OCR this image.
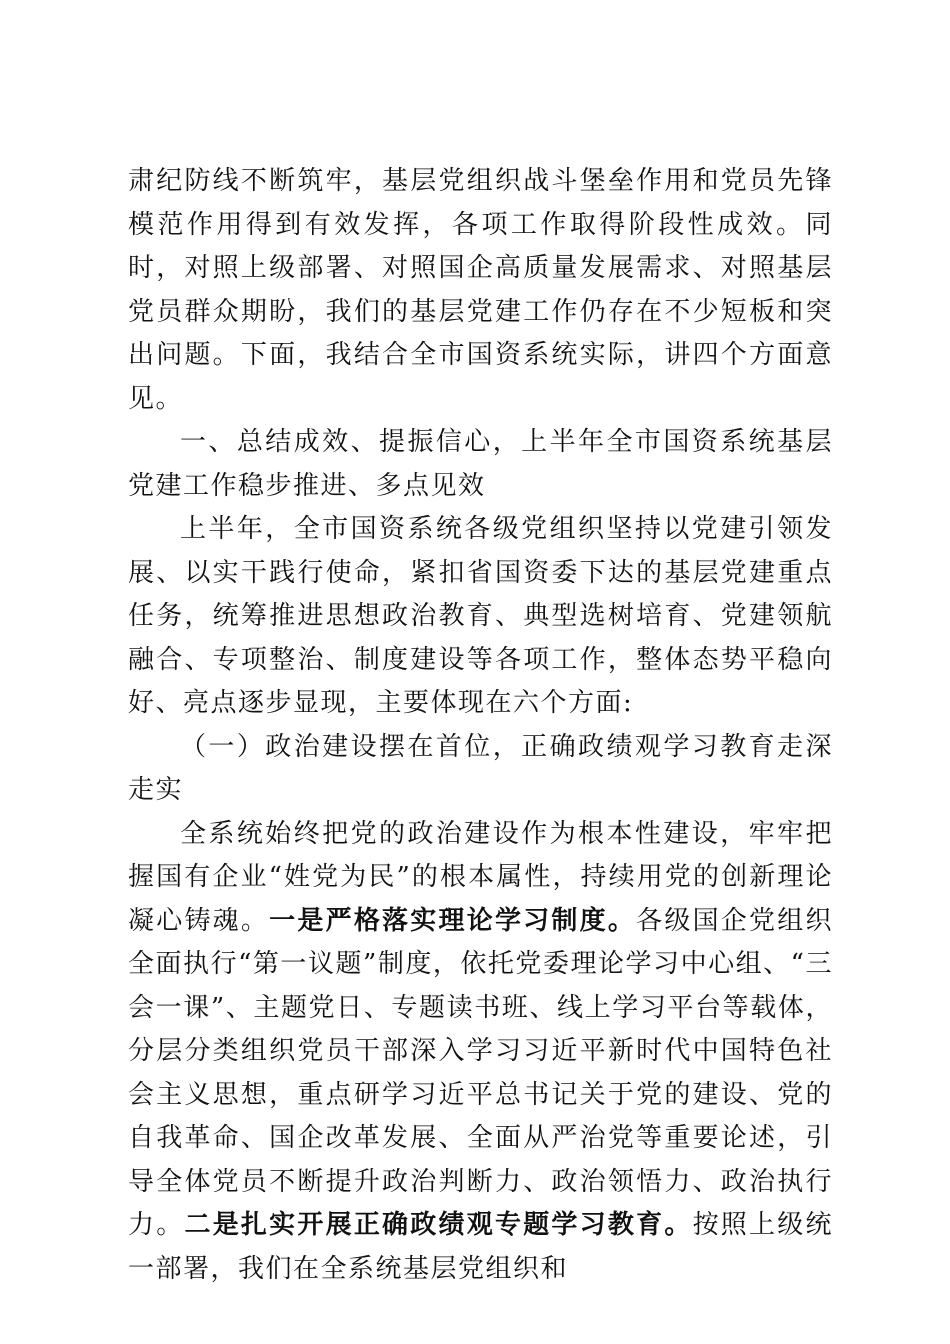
肃纪防线不断筑牢，基层党组织战斗堡垒作用和党员先锋模范作用得到有效发挥，各项工作取得阶段性成效。同时，对照上级部署、对照国企高质量发展需求、对照基层党员群众期盼，我们的基层党建工作仍存在不少短板和突出问题。下面，我结合全市国资系统实际，讲四个方面意见。

一、总结成效、提振信心，上半年全市国资系统基层党建工作稳步推进、多点见效

上半年，全市国资系统各级党组织坚持以党建引领发展、以实干践行使命，紧扣省国资委下达的基层党建重点任务，统筹推进思想政治教育、典型选树培育、党建领航融合、专项整治、制度建设等各项工作，整体态势平稳向好、亮点逐步显现，主要体现在六个方面:

（一）政治建设摆在首位，正确政绩观学习教育走深走实

全系统始终把党的政治建设作为根本性建设，牢牢把握国有企业“姓党为民”的根本属性，持续用党的创新理论凝心铸魂。一是严格落实理论学习制度。各级国企党组织全面执行“第一议题”制度，依托党委理论学习中心组、“三会一课”、主题党日、专题读书班、线上学习平台等载体，分层分类组织党员干部深入学习习近平新时代中国特色社会主义思想，重点研学习近平总书记关于党的建设、党的自我革命、国企改革发展、全面从严治党等重要论述，引导全体党员不断提升政治判断力、政治领悟力、政治执行力。二是扎实开展正确政绩观专题学习教育。按照上级统一部署，我们在全系统基层党组织和
